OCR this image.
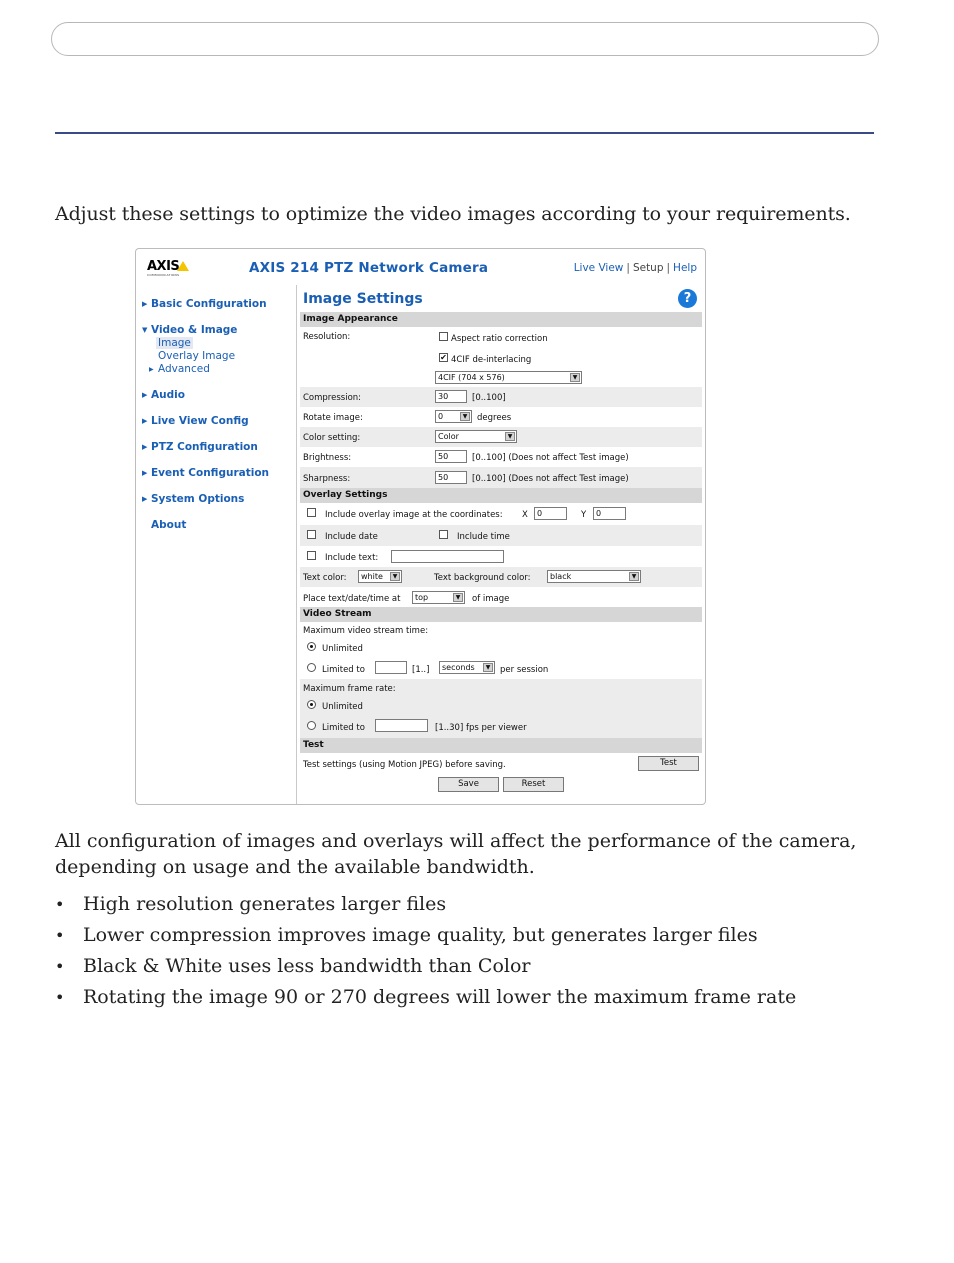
Adjust these settings to optimize the video images according to your requirements.

AXIS
COMMUNICATIONS	AXIS 214 PTZ Network Camera	Live View | Setup | Help
▶ Basic Configuration
▼ Video & Image
Image
Overlay Image
▶ Advanced
▶ Audio
▶ Live View Config
▶ PTZ Configuration
▶ Event Configuration
▶ System Options
About
Image Settings	?
Image Appearance
Resolution:	Aspect ratio correction
✔ 4CIF de-interlacing
4CIF (704 x 576)	▼
Compression:	30	[0..100]
Rotate image:	0	▼	degrees
Color setting:	Color	▼
Brightness:	50	[0..100] (Does not affect Test image)
Sharpness:	50	[0..100] (Does not affect Test image)
Overlay Settings
Include overlay image at the coordinates: X	0	Y	0
Include date	Include time
Include text:
Text color:	white	▼	Text background color:	black	▼
Place text/date/time at	top	▼	of image
Video Stream
Maximum video stream time:
Unlimited
Limited to	[1..]	seconds	▼	per session
Maximum frame rate:
Unlimited
Limited to	[1..30] fps per viewer
Test
Test settings (using Motion JPEG) before saving.	Test
Save	Reset

All configuration of images and overlays will affect the performance of the camera, depending on usage and the available bandwidth.

• High resolution generates larger files
• Lower compression improves image quality, but generates larger files
• Black & White uses less bandwidth than Color
• Rotating the image 90 or 270 degrees will lower the maximum frame rate
